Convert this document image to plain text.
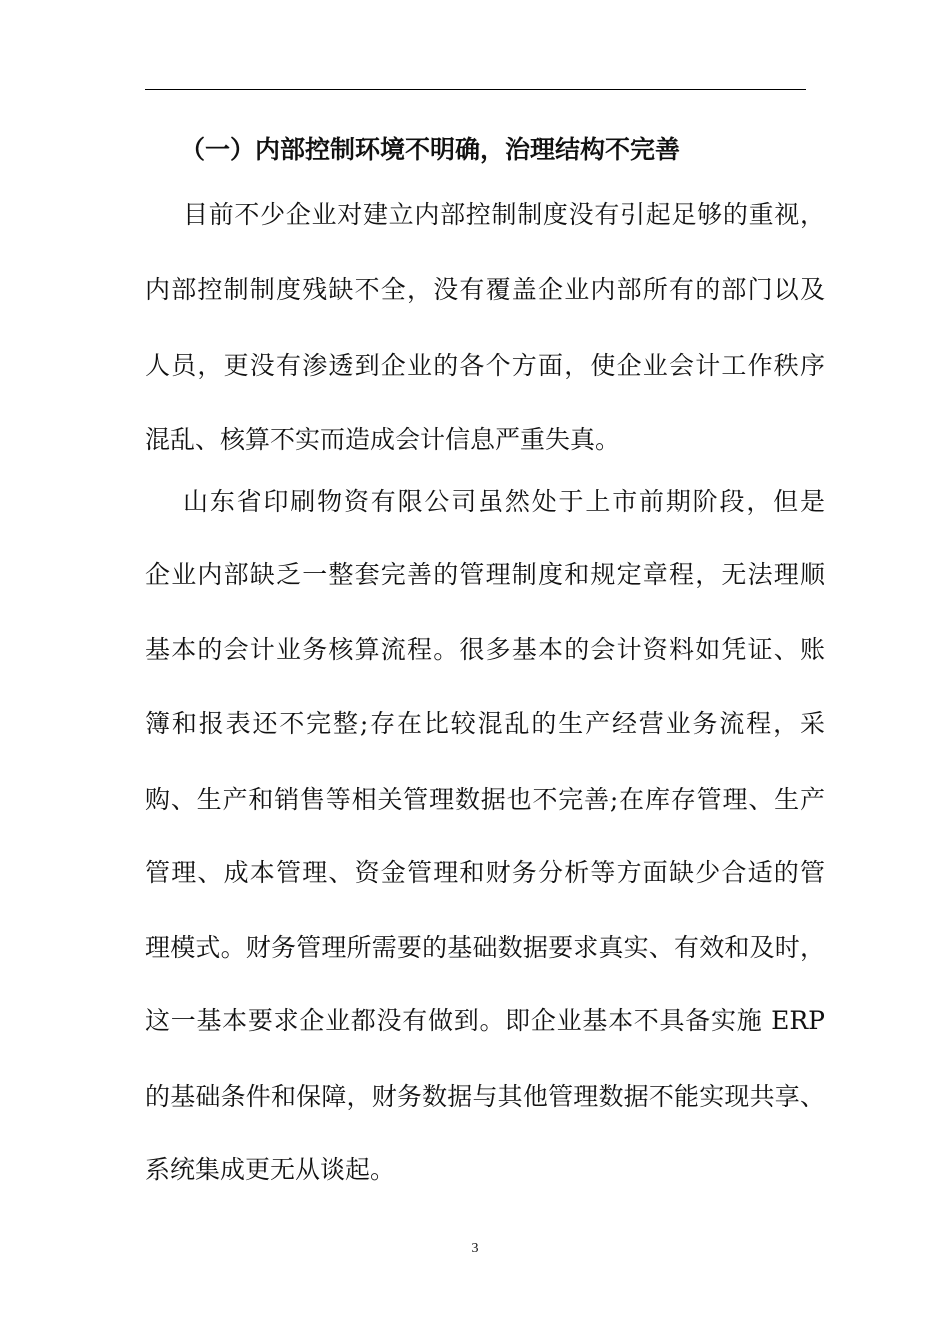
（一）内部控制环境不明确，治理结构不完善
目前不少企业对建立内部控制制度没有引起足够的重视，
内部控制制度残缺不全，没有覆盖企业内部所有的部门以及
人员，更没有渗透到企业的各个方面，使企业会计工作秩序
混乱、核算不实而造成会计信息严重失真。
山东省印刷物资有限公司虽然处于上市前期阶段，但是
企业内部缺乏一整套完善的管理制度和规定章程，无法理顺
基本的会计业务核算流程。很多基本的会计资料如凭证、账
簿和报表还不完整;存在比较混乱的生产经营业务流程，采
购、生产和销售等相关管理数据也不完善;在库存管理、生产
管理、成本管理、资金管理和财务分析等方面缺少合适的管
理模式。财务管理所需要的基础数据要求真实、有效和及时，
这一基本要求企业都没有做到。即企业基本不具备实施 ERP
的基础条件和保障，财务数据与其他管理数据不能实现共享、
系统集成更无从谈起。
3
